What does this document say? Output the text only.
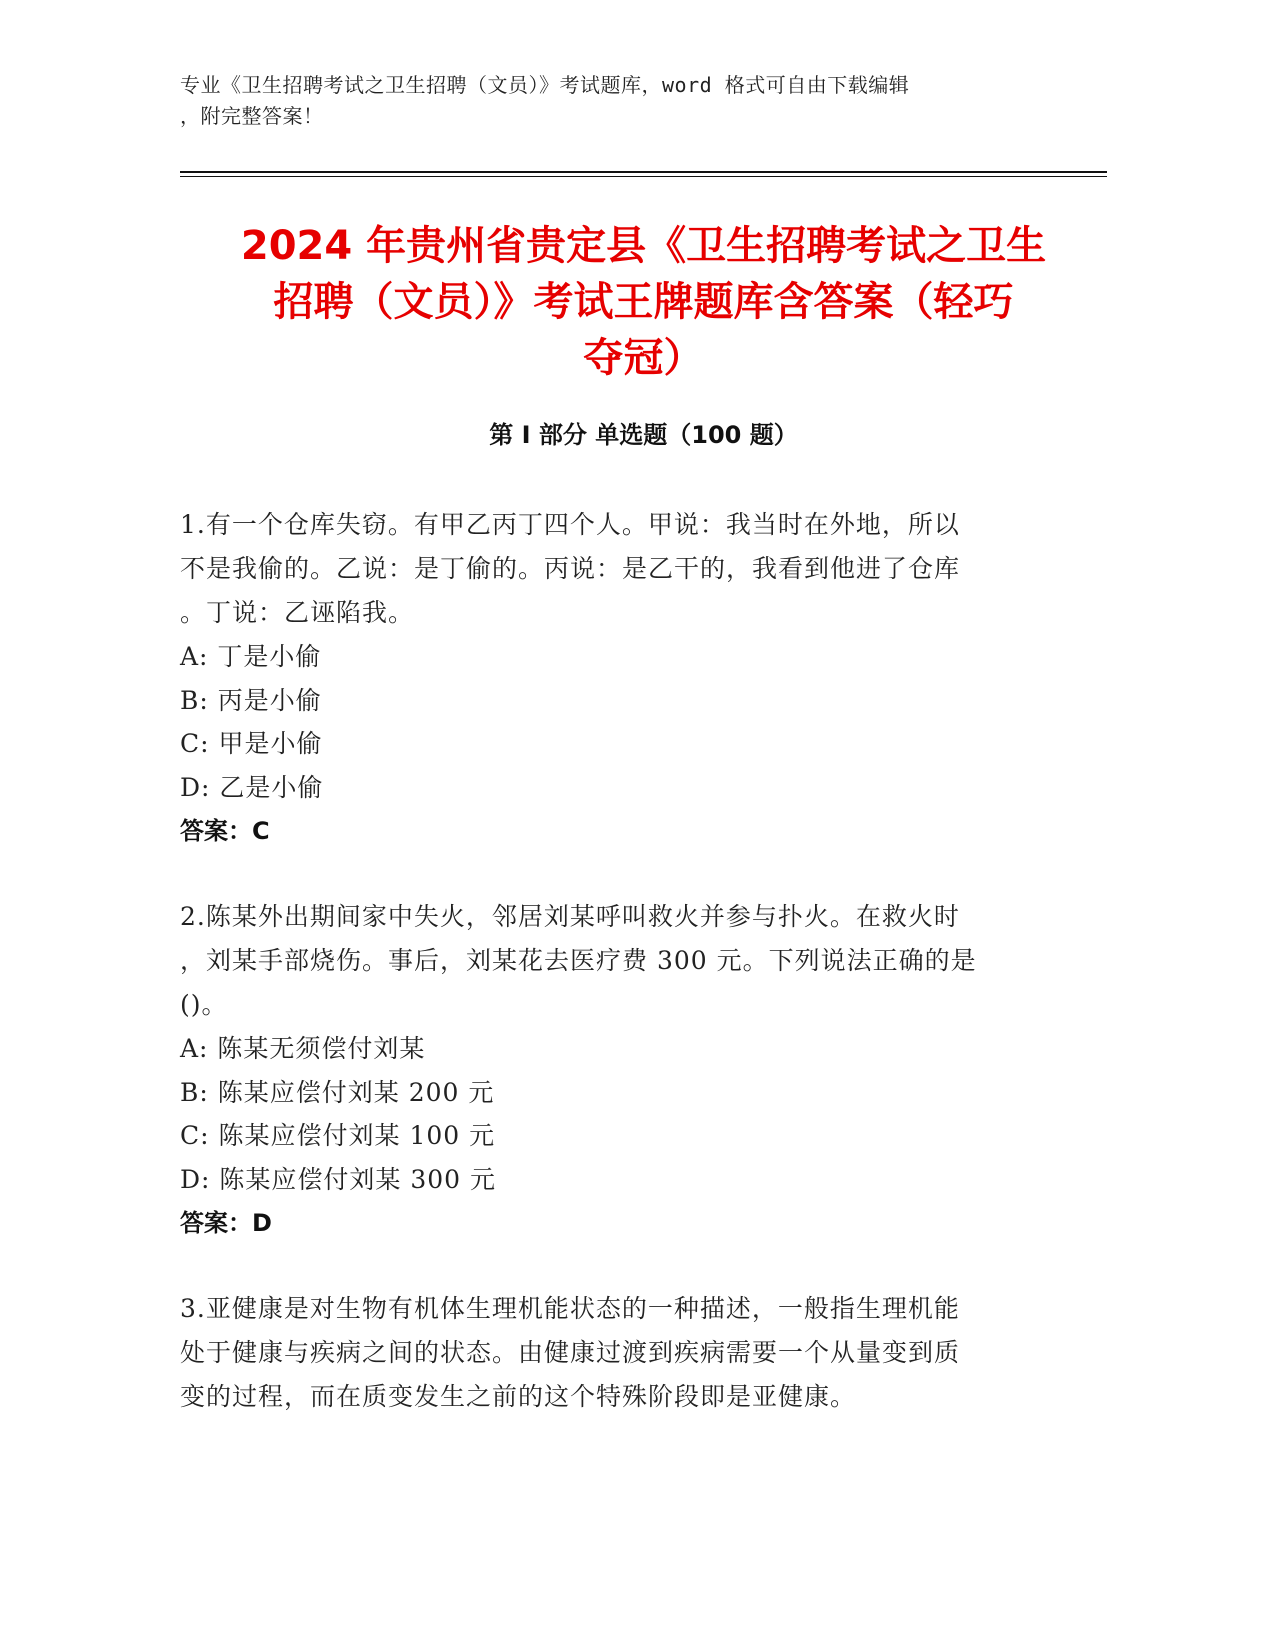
专业《卫生招聘考试之卫生招聘（文员）》考试题库，word 格式可自由下载编辑
，附完整答案！
2024 年贵州省贵定县《卫生招聘考试之卫生
招聘（文员）》考试王牌题库含答案（轻巧
夺冠）
第 I 部分 单选题（100 题）
1.有一个仓库失窃。有甲乙丙丁四个人。甲说：我当时在外地，所以
不是我偷的。乙说：是丁偷的。丙说：是乙干的，我看到他进了仓库
。丁说：乙诬陷我。
A: 丁是小偷
B: 丙是小偷
C: 甲是小偷
D: 乙是小偷
答案：C
2.陈某外出期间家中失火，邻居刘某呼叫救火并参与扑火。在救火时
，刘某手部烧伤。事后，刘某花去医疗费 300 元。下列说法正确的是
()。
A: 陈某无须偿付刘某
B: 陈某应偿付刘某 200 元
C: 陈某应偿付刘某 100 元
D: 陈某应偿付刘某 300 元
答案：D
3.亚健康是对生物有机体生理机能状态的一种描述，一般指生理机能
处于健康与疾病之间的状态。由健康过渡到疾病需要一个从量变到质
变的过程，而在质变发生之前的这个特殊阶段即是亚健康。
